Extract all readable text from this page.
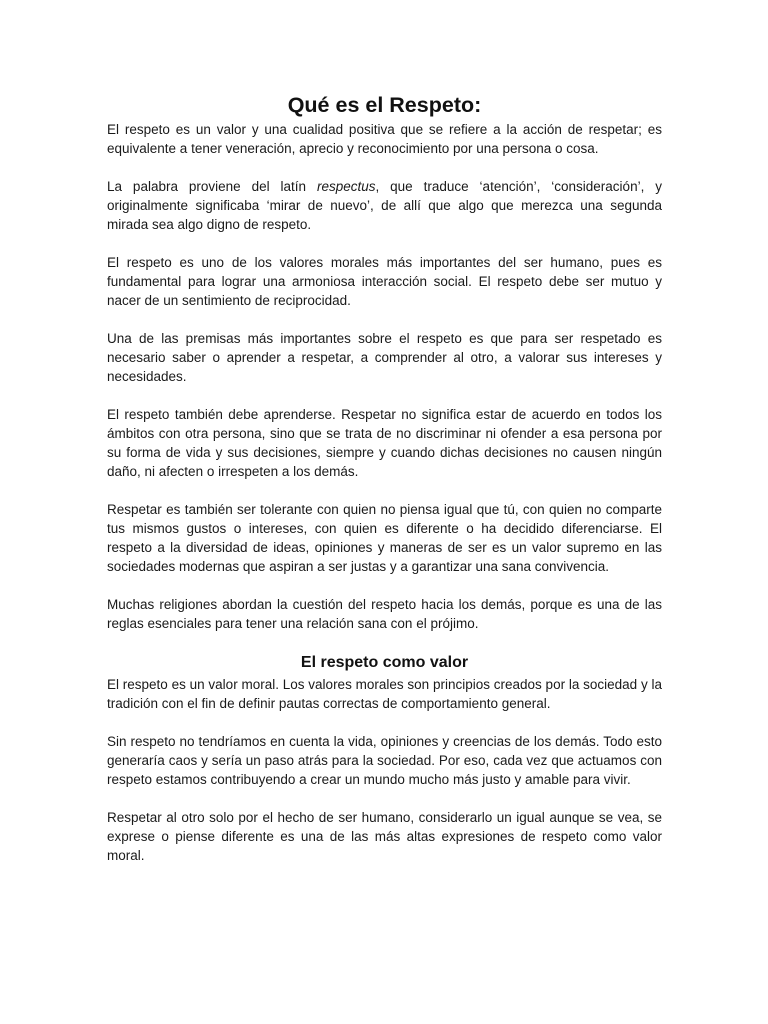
Qué es el Respeto:

El respeto es un valor y una cualidad positiva que se refiere a la acción de respetar; es equivalente a tener veneración, aprecio y reconocimiento por una persona o cosa.

La palabra proviene del latín respectus, que traduce ‘atención’, ‘consideración’, y originalmente significaba ‘mirar de nuevo’, de allí que algo que merezca una segunda mirada sea algo digno de respeto.

El respeto es uno de los valores morales más importantes del ser humano, pues es fundamental para lograr una armoniosa interacción social. El respeto debe ser mutuo y nacer de un sentimiento de reciprocidad.

Una de las premisas más importantes sobre el respeto es que para ser respetado es necesario saber o aprender a respetar, a comprender al otro, a valorar sus intereses y necesidades.

El respeto también debe aprenderse. Respetar no significa estar de acuerdo en todos los ámbitos con otra persona, sino que se trata de no discriminar ni ofender a esa persona por su forma de vida y sus decisiones, siempre y cuando dichas decisiones no causen ningún daño, ni afecten o irrespeten a los demás.

Respetar es también ser tolerante con quien no piensa igual que tú, con quien no comparte tus mismos gustos o intereses, con quien es diferente o ha decidido diferenciarse. El respeto a la diversidad de ideas, opiniones y maneras de ser es un valor supremo en las sociedades modernas que aspiran a ser justas y a garantizar una sana convivencia.

Muchas religiones abordan la cuestión del respeto hacia los demás, porque es una de las reglas esenciales para tener una relación sana con el prójimo.

El respeto como valor

El respeto es un valor moral. Los valores morales son principios creados por la sociedad y la tradición con el fin de definir pautas correctas de comportamiento general.

Sin respeto no tendríamos en cuenta la vida, opiniones y creencias de los demás. Todo esto generaría caos y sería un paso atrás para la sociedad. Por eso, cada vez que actuamos con respeto estamos contribuyendo a crear un mundo mucho más justo y amable para vivir.

Respetar al otro solo por el hecho de ser humano, considerarlo un igual aunque se vea, se exprese o piense diferente es una de las más altas expresiones de respeto como valor moral.
